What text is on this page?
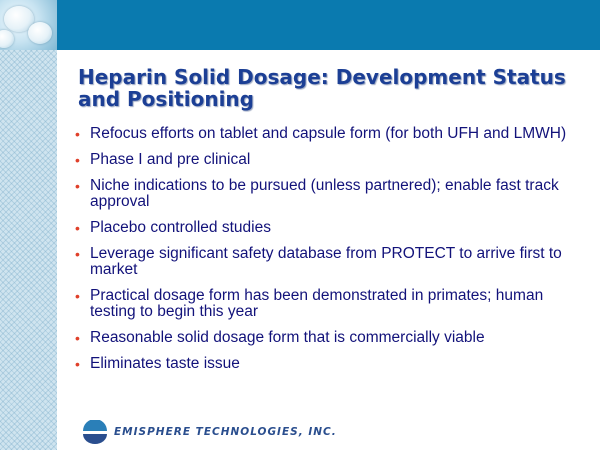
Heparin Solid Dosage: Development Status and Positioning
• Refocus efforts on tablet and capsule form (for both UFH and LMWH)
• Phase I and pre clinical
• Niche indications to be pursued (unless partnered); enable fast track approval
• Placebo controlled studies
• Leverage significant safety database from PROTECT to arrive first to market
• Practical dosage form has been demonstrated in primates; human testing to begin this year
• Reasonable solid dosage form that is commercially viable
• Eliminates taste issue
EMISPHERE TECHNOLOGIES, INC.
